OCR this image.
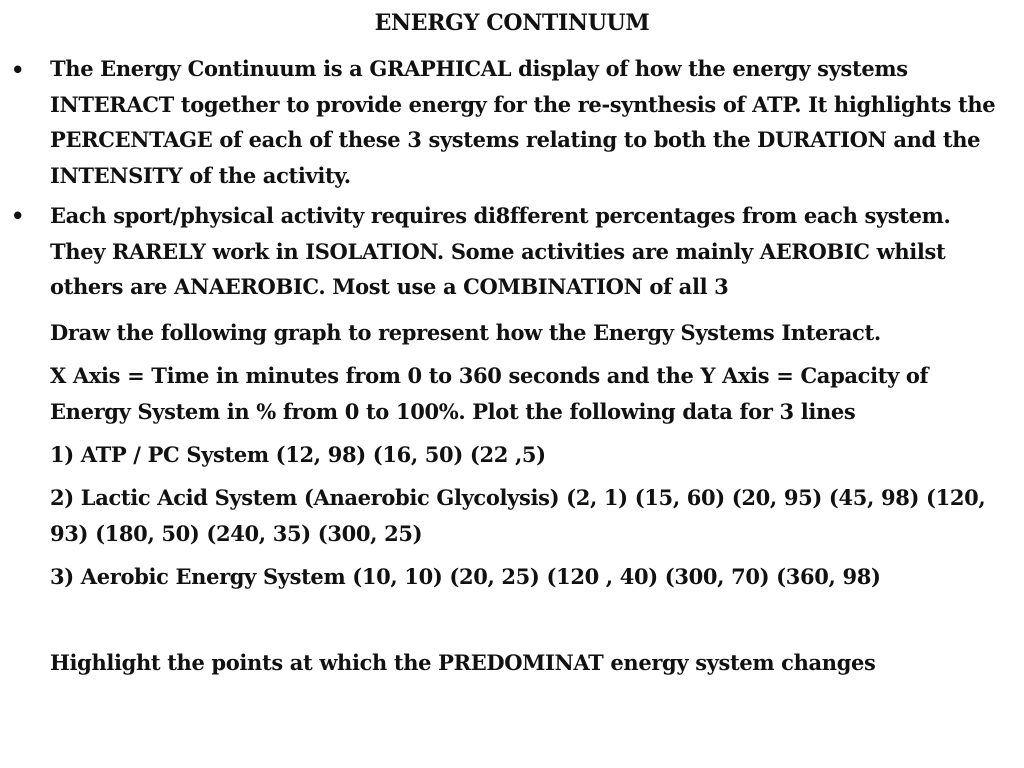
ENERGY CONTINUUM
• The Energy Continuum is a GRAPHICAL display of how the energy systems INTERACT together to provide energy for the re-synthesis of ATP. It highlights the PERCENTAGE of each of these 3 systems relating to both the DURATION and the INTENSITY of the activity.

• Each sport/physical activity requires di8fferent percentages from each system. They RARELY work in ISOLATION. Some activities are mainly AEROBIC whilst others are ANAEROBIC. Most use a COMBINATION of all 3

Draw the following graph to represent how the Energy Systems Interact.

X Axis = Time in minutes from 0 to 360 seconds and the Y Axis = Capacity of Energy System in % from 0 to 100%. Plot the following data for 3 lines

1) ATP / PC System (12, 98) (16, 50) (22 ,5)

2) Lactic Acid System (Anaerobic Glycolysis) (2, 1) (15, 60) (20, 95) (45, 98) (120, 93) (180, 50) (240, 35) (300, 25)

3) Aerobic Energy System (10, 10) (20, 25) (120 , 40) (300, 70) (360, 98)

Highlight the points at which the PREDOMINAT energy system changes
